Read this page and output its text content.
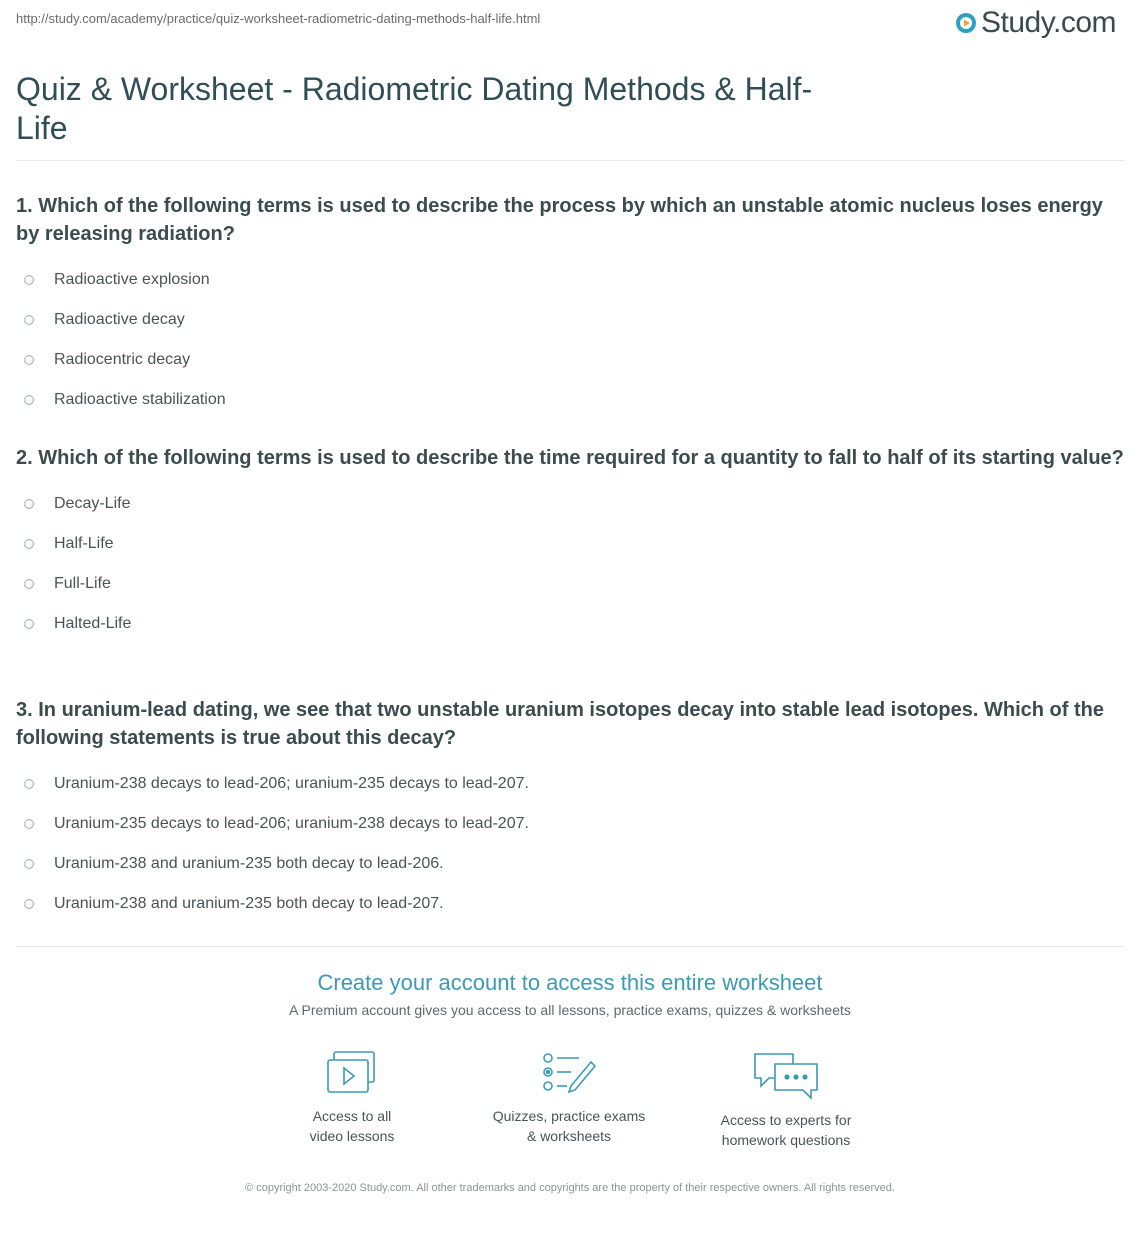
http://study.com/academy/practice/quiz-worksheet-radiometric-dating-methods-half-life.html	Study.com
Quiz & Worksheet - Radiometric Dating Methods & Half-Life

1. Which of the following terms is used to describe the process by which an unstable atomic nucleus loses energy by releasing radiation?

Radioactive explosion
Radioactive decay
Radiocentric decay
Radioactive stabilization

2. Which of the following terms is used to describe the time required for a quantity to fall to half of its starting value?

Decay-Life
Half-Life
Full-Life
Halted-Life

3. In uranium-lead dating, we see that two unstable uranium isotopes decay into stable lead isotopes. Which of the following statements is true about this decay?

Uranium-238 decays to lead-206; uranium-235 decays to lead-207.
Uranium-235 decays to lead-206; uranium-238 decays to lead-207.
Uranium-238 and uranium-235 both decay to lead-206.
Uranium-238 and uranium-235 both decay to lead-207.
Create your account to access this entire worksheet
A Premium account gives you access to all lessons, practice exams, quizzes & worksheets
Access to all
video lessons
Quizzes, practice exams
& worksheets
Access to experts for
homework questions
© copyright 2003-2020 Study.com. All other trademarks and copyrights are the property of their respective owners. All rights reserved.
